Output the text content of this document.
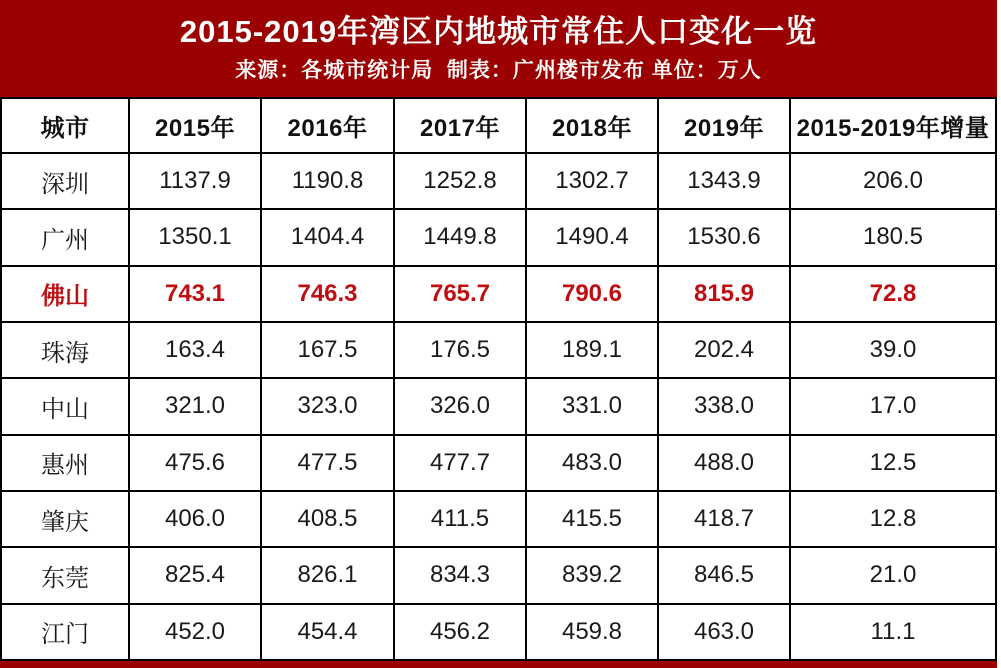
2015-2019年湾区内地城市常住人口变化一览
来源：各城市统计局  制表：广州楼市发布 单位：万人
城市	2015年	2016年	2017年	2018年	2019年	2015-2019年增量
深圳	1137.9	1190.8	1252.8	1302.7	1343.9	206.0
广州	1350.1	1404.4	1449.8	1490.4	1530.6	180.5
佛山	743.1	746.3	765.7	790.6	815.9	72.8
珠海	163.4	167.5	176.5	189.1	202.4	39.0
中山	321.0	323.0	326.0	331.0	338.0	17.0
惠州	475.6	477.5	477.7	483.0	488.0	12.5
肇庆	406.0	408.5	411.5	415.5	418.7	12.8
东莞	825.4	826.1	834.3	839.2	846.5	21.0
江门	452.0	454.4	456.2	459.8	463.0	11.1
